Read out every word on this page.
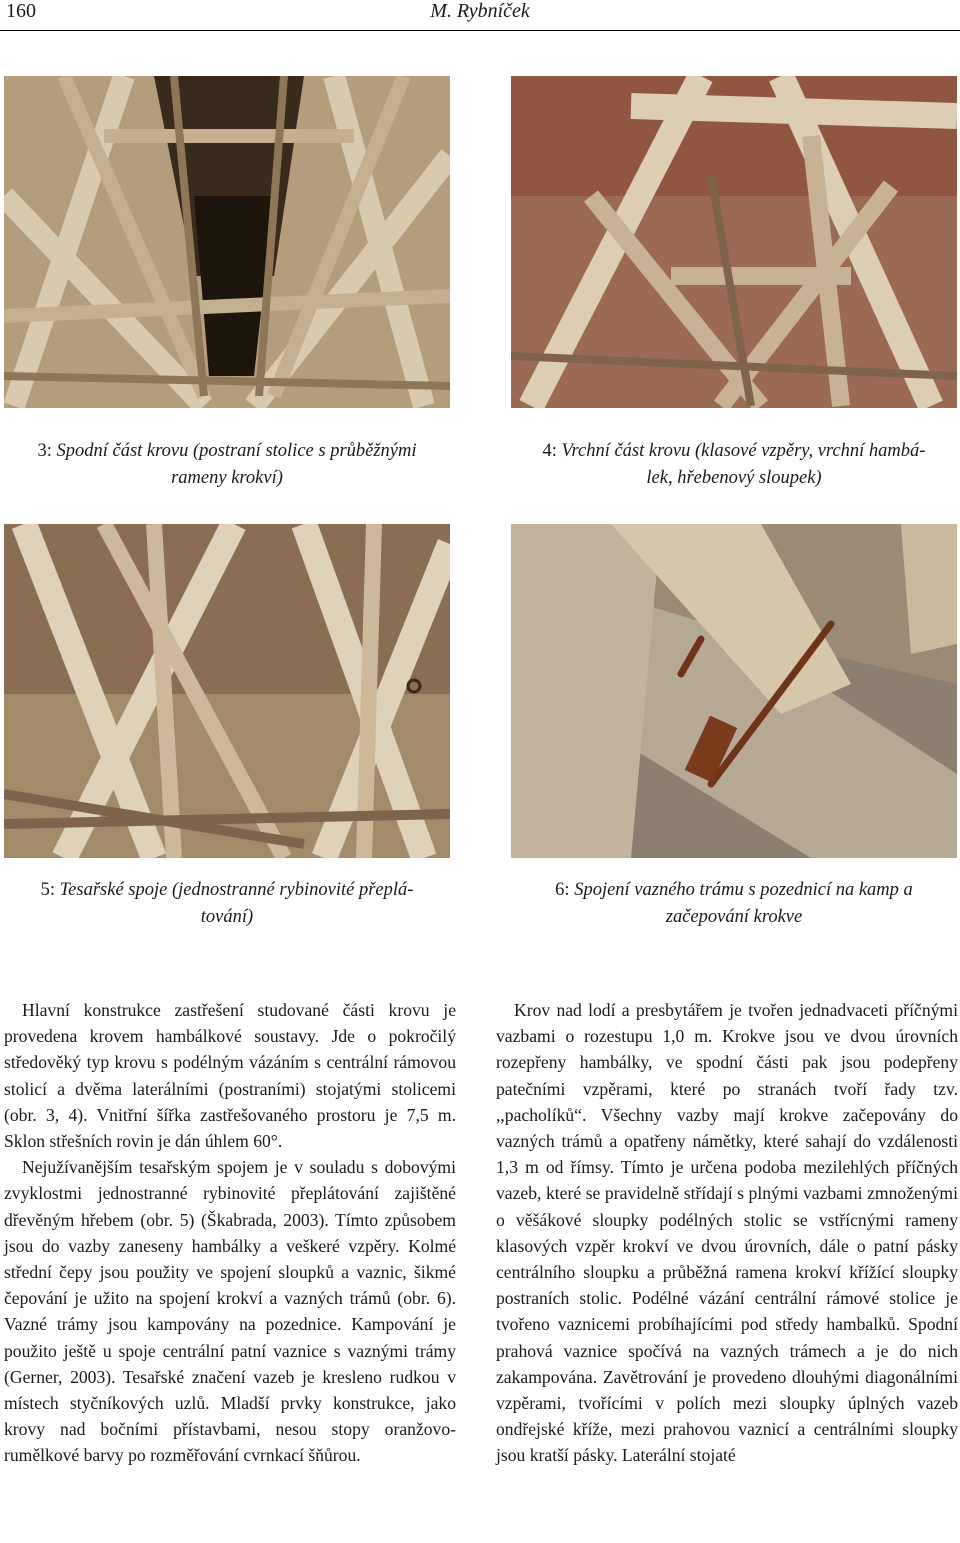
160	M. Rybníček
3: Spodní část krovu (postraní stolice s průběžnými
rameny krokví)
4: Vrchní část krovu (klasové vzpěry, vrchní hambá-
lek, hřebenový sloupek)
5: Tesařské spoje (jednostranné rybinovité přeplá-
tování)
6: Spojení vazného trámu s pozednicí na kamp a
začepování krokve

Hlavní konstrukce zastřešení studované části krovu je provedena krovem hambálkové soustavy. Jde o pokročilý středověký typ krovu s podélným vázáním s centrální rámovou stolicí a dvěma laterálními (postraními) stojatými stolicemi (obr. 3, 4). Vnitřní šířka zastřešovaného prostoru je 7,5 m. Sklon střešních rovin je dán úhlem 60°.

Nejužívanějším tesařským spojem je v souladu s dobovými zvyklostmi jednostranné rybinovité přeplátování zajištěné dřevěným hřebem (obr. 5) (Škabrada, 2003). Tímto způsobem jsou do vazby zaneseny hambálky a veškeré vzpěry. Kolmé střední čepy jsou použity ve spojení sloupků a vaznic, šikmé čepování je užito na spojení krokví a vazných trámů (obr. 6). Vazné trámy jsou kampovány na pozednice. Kampování je použito ještě u spoje centrální patní vaznice s vaznými trámy (Gerner, 2003). Tesařské značení vazeb je kresleno rudkou v místech styčníkových uzlů. Mladší prvky konstrukce, jako krovy nad bočními přístavbami, nesou stopy oranžovo-rumělkové barvy po rozměřování cvrnkací šňůrou.

Krov nad lodí a presbytářem je tvořen jednadvaceti příčnými vazbami o rozestupu 1,0 m. Krokve jsou ve dvou úrovních rozepřeny hambálky, ve spodní části pak jsou podepřeny patečními vzpěrami, které po stranách tvoří řady tzv. ,,pacholíků“. Všechny vazby mají krokve začepovány do vazných trámů a opatřeny námětky, které sahají do vzdálenosti 1,3 m od římsy. Tímto je určena podoba mezilehlých příčných vazeb, které se pravidelně střídají s plnými vazbami zmnoženými o věšákové sloupky podélných stolic se vstřícnými rameny klasových vzpěr krokví ve dvou úrovních, dále o patní pásky centrálního sloupku a průběžná ramena krokví křížící sloupky postraních stolic. Podélné vázání centrální rámové stolice je tvořeno vaznicemi probíhajícími pod středy hambalků. Spodní prahová vaznice spočívá na vazných trámech a je do nich zakampována. Zavětrování je provedeno dlouhými diagonálními vzpěrami, tvořícími v polích mezi sloupky úplných vazeb ondřejské kříže, mezi prahovou vaznicí a centrálními sloupky jsou kratší pásky. Laterální stojaté
